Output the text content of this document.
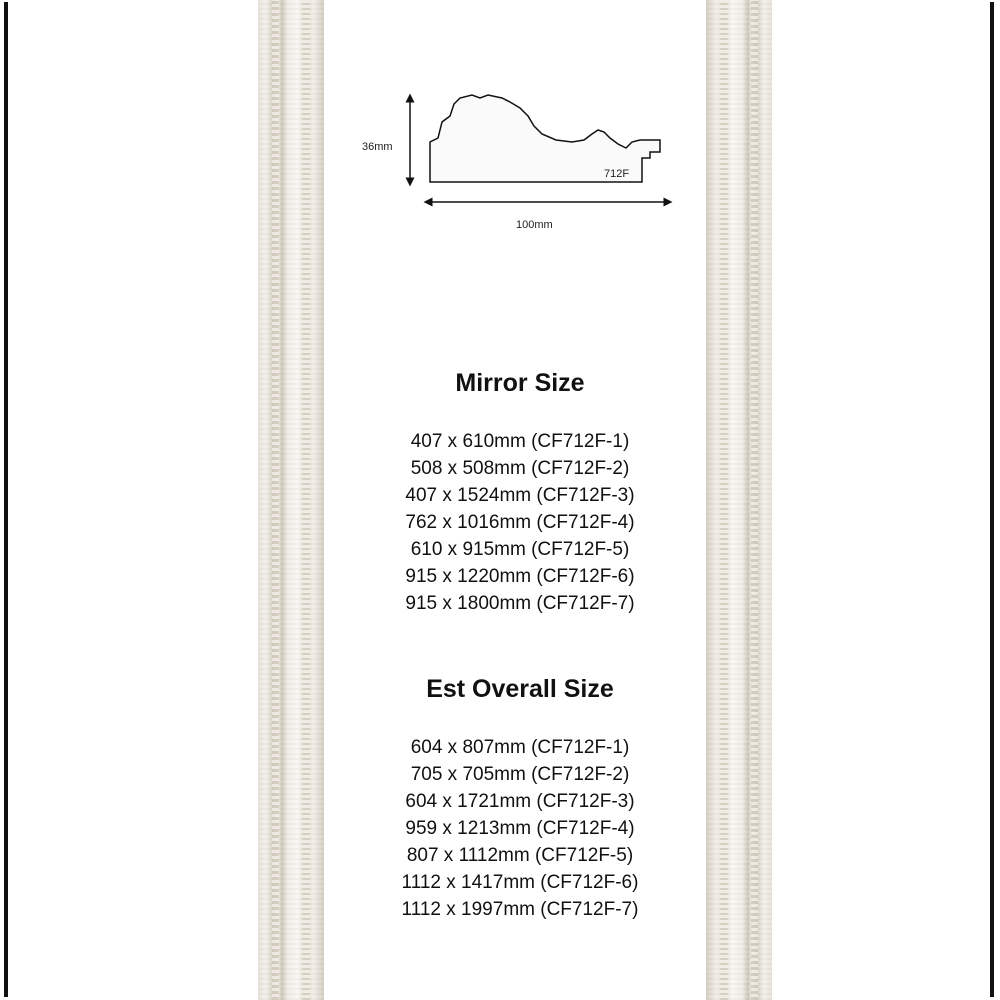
36mm
100mm
712F
Mirror Size
407 x 610mm (CF712F-1)
508 x 508mm (CF712F-2)
407 x 1524mm (CF712F-3)
762 x 1016mm (CF712F-4)
610 x 915mm (CF712F-5)
915 x 1220mm (CF712F-6)
915 x 1800mm (CF712F-7)
Est Overall Size
604 x 807mm (CF712F-1)
705 x 705mm (CF712F-2)
604 x 1721mm (CF712F-3)
959 x 1213mm (CF712F-4)
807 x 1112mm (CF712F-5)
1112 x 1417mm (CF712F-6)
1112 x 1997mm (CF712F-7)
